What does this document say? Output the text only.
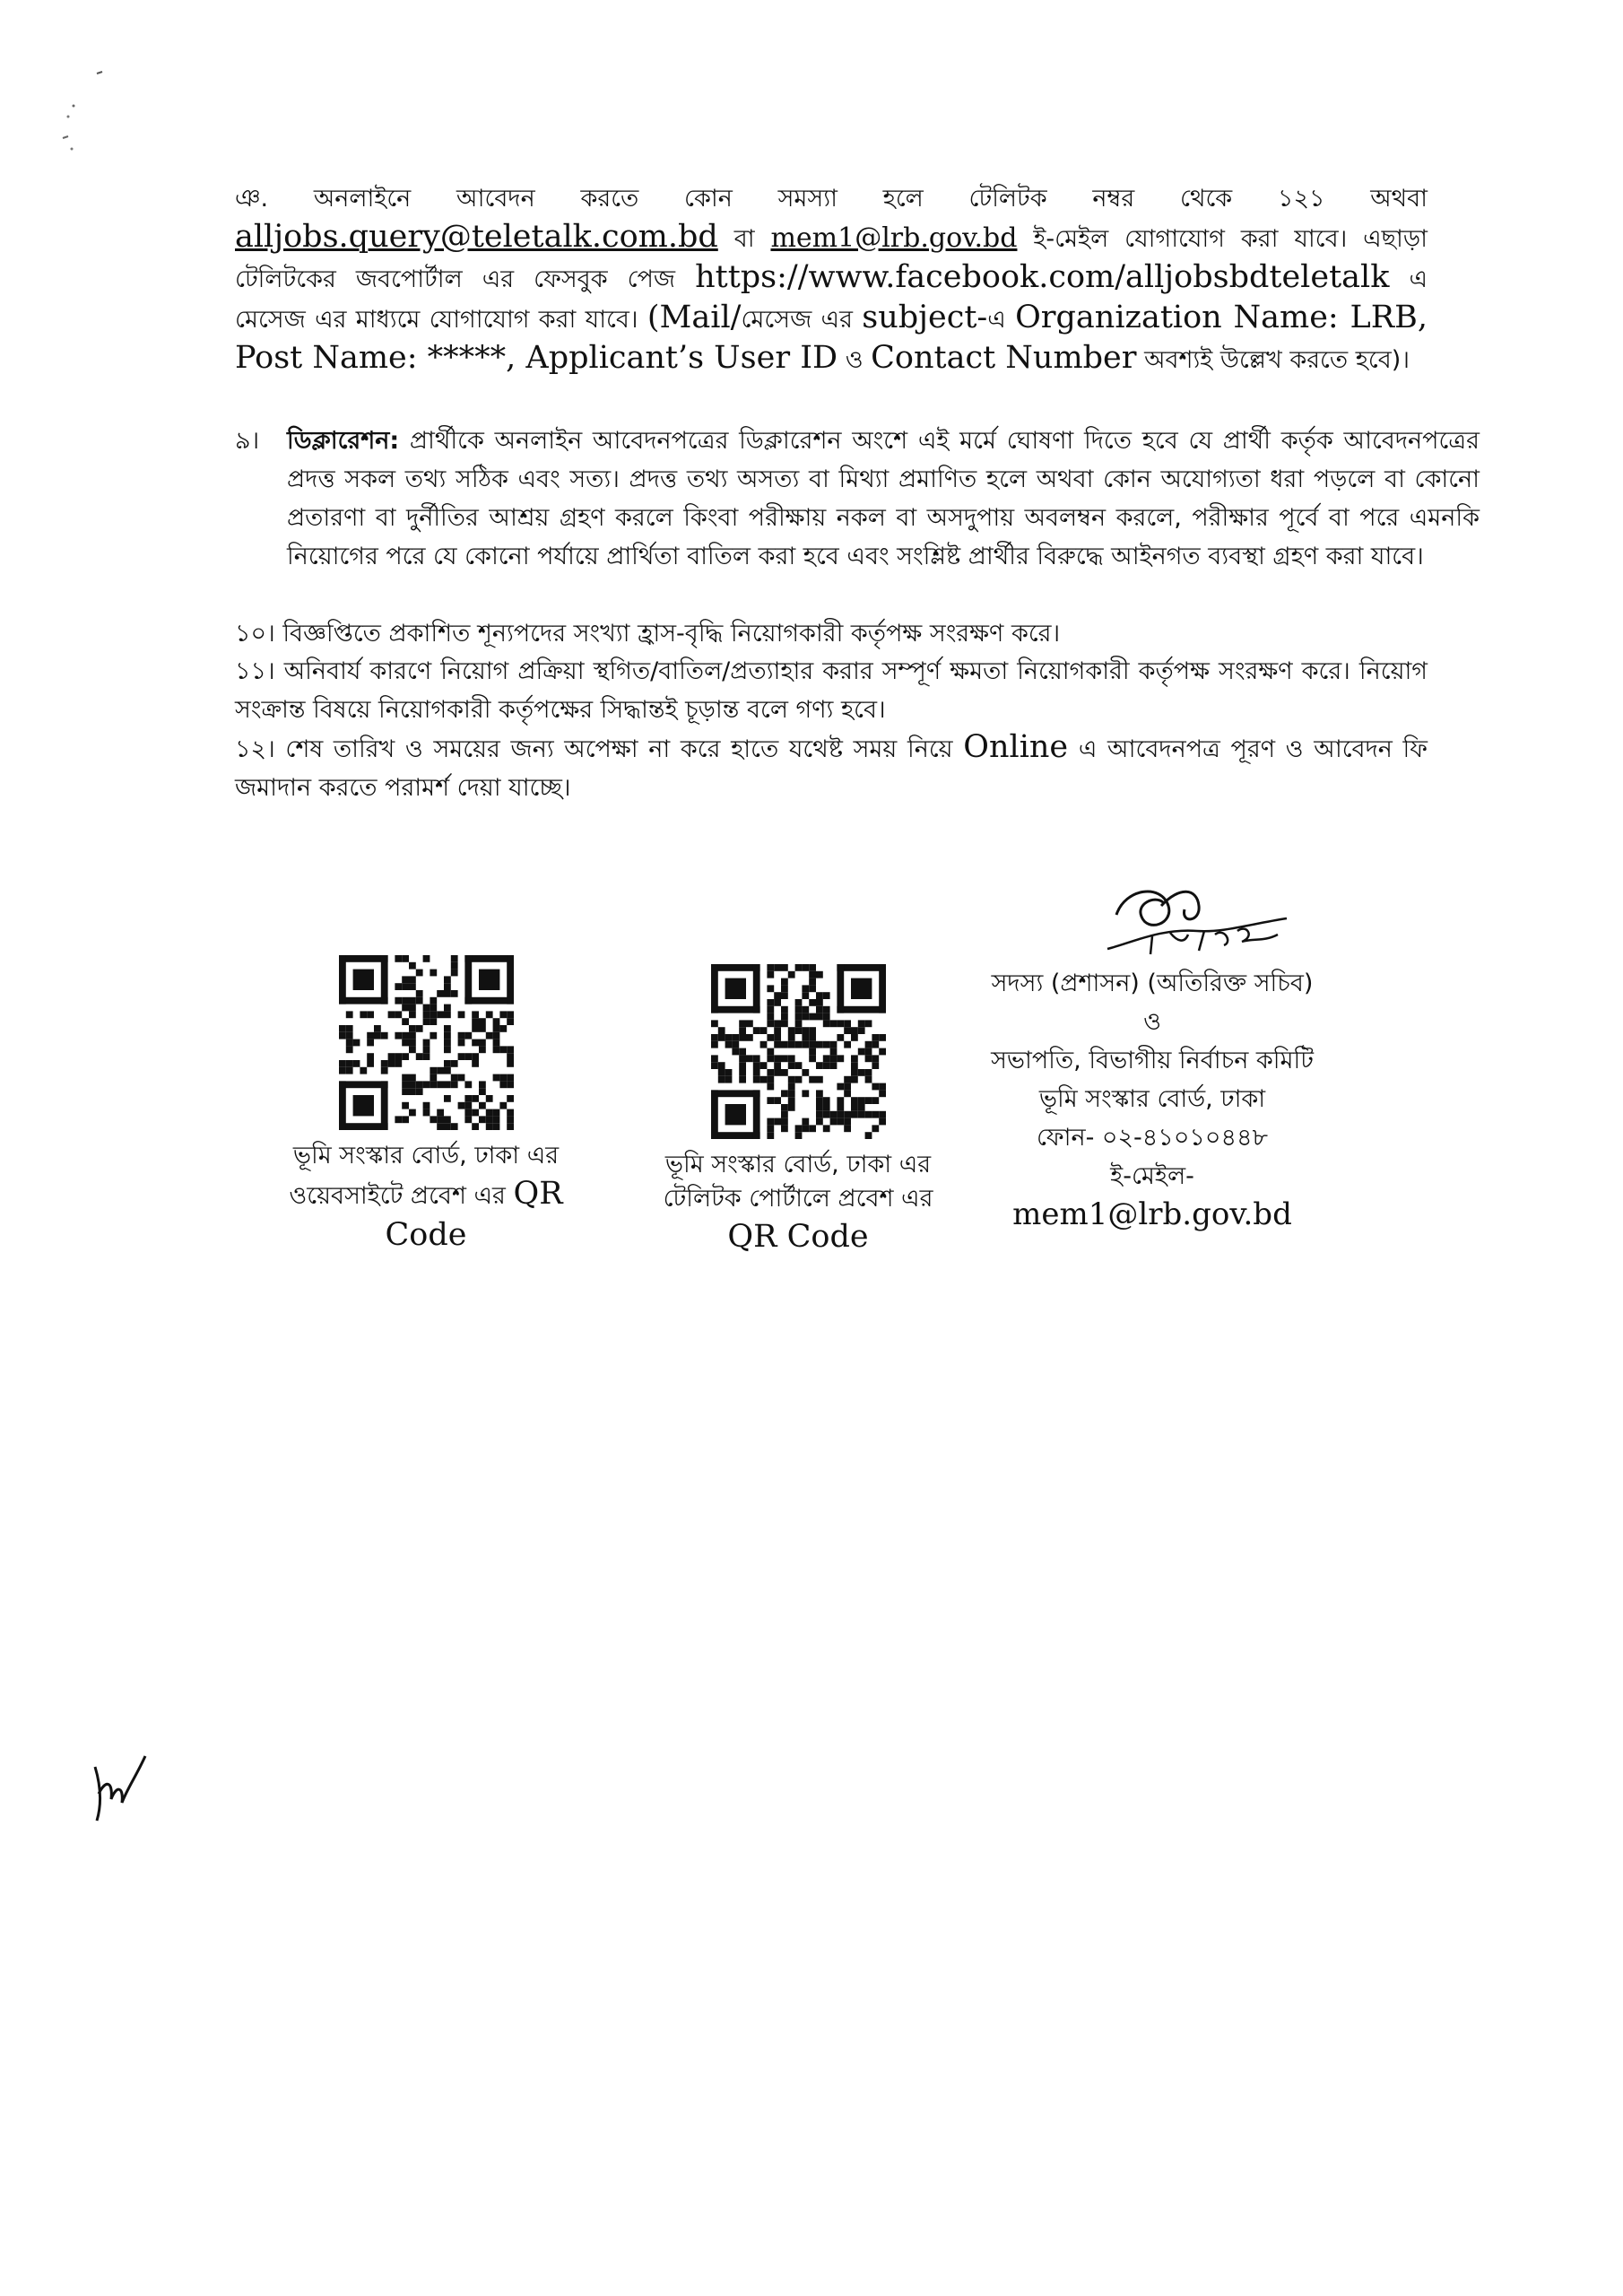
ঞ. অনলাইনে আবেদন করতে কোন সমস্যা হলে টেলিটক নম্বর থেকে ১২১ অথবা alljobs.query@teletalk.com.bd বা mem1@lrb.gov.bd ই-মেইল যোগাযোগ করা যাবে। এছাড়া টেলিটকের জবপোর্টাল এর ফেসবুক পেজ https://www.facebook.com/alljobsbdteletalk এ মেসেজ এর মাধ্যমে যোগাযোগ করা যাবে। (Mail/মেসেজ এর subject-এ Organization Name: LRB, Post Name: *****, Applicant’s User ID ও Contact Number অবশ্যই উল্লেখ করতে হবে)।
৯। ডিক্লারেশন: প্রার্থীকে অনলাইন আবেদনপত্রের ডিক্লারেশন অংশে এই মর্মে ঘোষণা দিতে হবে যে প্রার্থী কর্তৃক আবেদনপত্রের প্রদত্ত সকল তথ্য সঠিক এবং সত্য। প্রদত্ত তথ্য অসত্য বা মিথ্যা প্রমাণিত হলে অথবা কোন অযোগ্যতা ধরা পড়লে বা কোনো প্রতারণা বা দুর্নীতির আশ্রয় গ্রহণ করলে কিংবা পরীক্ষায় নকল বা অসদুপায় অবলম্বন করলে, পরীক্ষার পূর্বে বা পরে এমনকি নিয়োগের পরে যে কোনো পর্যায়ে প্রার্থিতা বাতিল করা হবে এবং সংশ্লিষ্ট প্রার্থীর বিরুদ্ধে আইনগত ব্যবস্থা গ্রহণ করা যাবে।
১০। বিজ্ঞপ্তিতে প্রকাশিত শূন্যপদের সংখ্যা হ্রাস-বৃদ্ধি নিয়োগকারী কর্তৃপক্ষ সংরক্ষণ করে।
১১। অনিবার্য কারণে নিয়োগ প্রক্রিয়া স্থগিত/বাতিল/প্রত্যাহার করার সম্পূর্ণ ক্ষমতা নিয়োগকারী কর্তৃপক্ষ সংরক্ষণ করে। নিয়োগ সংক্রান্ত বিষয়ে নিয়োগকারী কর্তৃপক্ষের সিদ্ধান্তই চূড়ান্ত বলে গণ্য হবে।
১২। শেষ তারিখ ও সময়ের জন্য অপেক্ষা না করে হাতে যথেষ্ট সময় নিয়ে Online এ আবেদনপত্র পূরণ ও আবেদন ফি জমাদান করতে পরামর্শ দেয়া যাচ্ছে।
সদস্য (প্রশাসন) (অতিরিক্ত সচিব)
ও
সভাপতি, বিভাগীয় নির্বাচন কমিটি
ভূমি সংস্কার বোর্ড, ঢাকা
ফোন- ০২-৪১০১০৪৪৮
ই-মেইল-mem1@lrb.gov.bd
ভূমি সংস্কার বোর্ড, ঢাকা এর
ওয়েবসাইটে প্রবেশ এর QR
Code
ভূমি সংস্কার বোর্ড, ঢাকা এর
টেলিটক পোর্টালে প্রবেশ এর
QR Code
